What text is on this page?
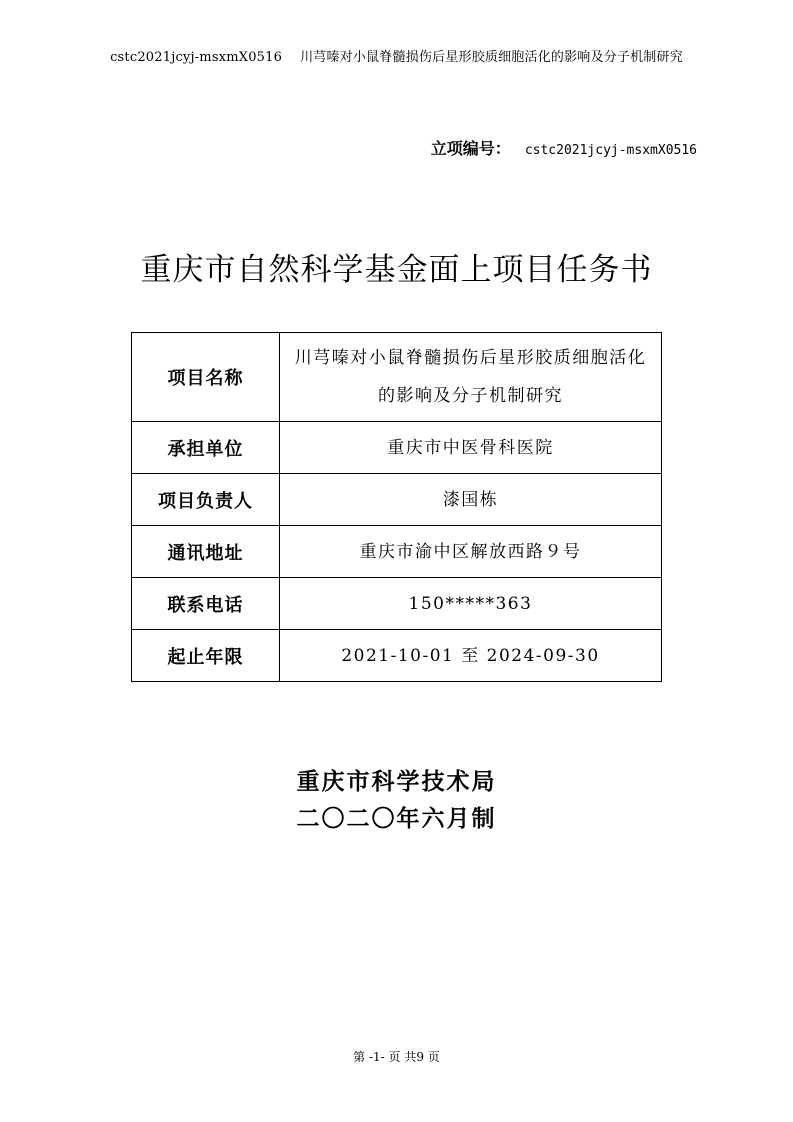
cstc2021jcyj-msxmX0516 川芎嗪对小鼠脊髓损伤后星形胶质细胞活化的影响及分子机制研究
立项编号： cstc2021jcyj-msxmX0516
重庆市自然科学基金面上项目任务书
项目名称	川芎嗪对小鼠脊髓损伤后星形胶质细胞活化的影响及分子机制研究
承担单位	重庆市中医骨科医院
项目负责人	漆国栋
通讯地址	重庆市渝中区解放西路９号
联系电话	150*****363
起止年限	2021-10-01 至 2024-09-30
重庆市科学技术局
二〇二〇年六月制
第 -1- 页 共9 页
